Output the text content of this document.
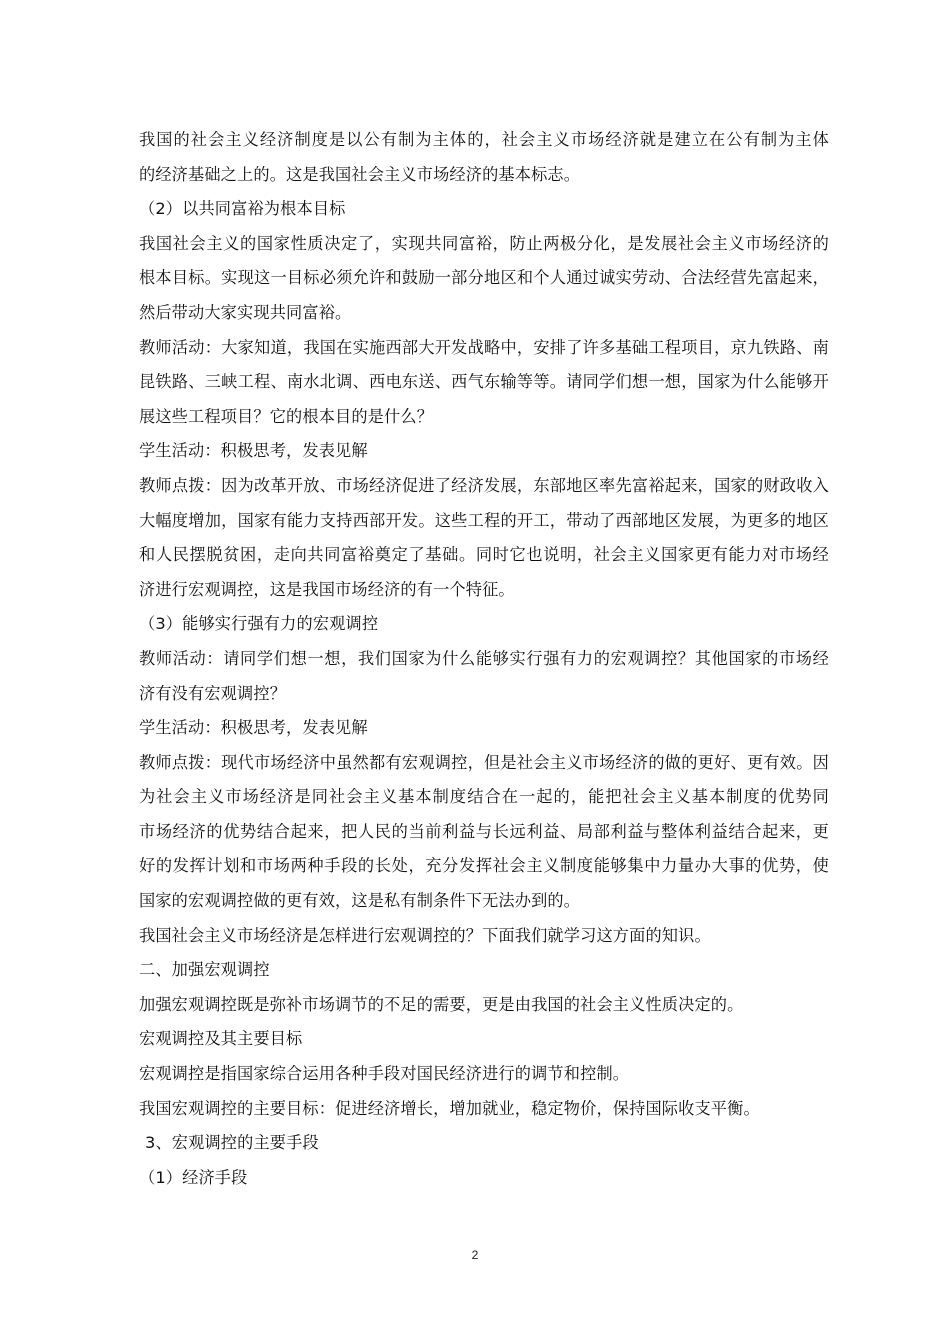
我国的社会主义经济制度是以公有制为主体的，社会主义市场经济就是建立在公有制为主体
的经济基础之上的。这是我国社会主义市场经济的基本标志。
（2）以共同富裕为根本目标
我国社会主义的国家性质决定了，实现共同富裕，防止两极分化，是发展社会主义市场经济的
根本目标。实现这一目标必须允许和鼓励一部分地区和个人通过诚实劳动、合法经营先富起来，
然后带动大家实现共同富裕。
教师活动：大家知道，我国在实施西部大开发战略中，安排了许多基础工程项目，京九铁路、南
昆铁路、三峡工程、南水北调、西电东送、西气东输等等。请同学们想一想，国家为什么能够开
展这些工程项目？它的根本目的是什么？
学生活动：积极思考，发表见解
教师点拨：因为改革开放、市场经济促进了经济发展，东部地区率先富裕起来，国家的财政收入
大幅度增加，国家有能力支持西部开发。这些工程的开工，带动了西部地区发展，为更多的地区
和人民摆脱贫困，走向共同富裕奠定了基础。同时它也说明，社会主义国家更有能力对市场经
济进行宏观调控，这是我国市场经济的有一个特征。
（3）能够实行强有力的宏观调控
教师活动：请同学们想一想，我们国家为什么能够实行强有力的宏观调控？其他国家的市场经
济有没有宏观调控？
学生活动：积极思考，发表见解
教师点拨：现代市场经济中虽然都有宏观调控，但是社会主义市场经济的做的更好、更有效。因
为社会主义市场经济是同社会主义基本制度结合在一起的，能把社会主义基本制度的优势同
市场经济的优势结合起来，把人民的当前利益与长远利益、局部利益与整体利益结合起来，更
好的发挥计划和市场两种手段的长处，充分发挥社会主义制度能够集中力量办大事的优势，使
国家的宏观调控做的更有效，这是私有制条件下无法办到的。
我国社会主义市场经济是怎样进行宏观调控的？下面我们就学习这方面的知识。
二、加强宏观调控
加强宏观调控既是弥补市场调节的不足的需要，更是由我国的社会主义性质决定的。
宏观调控及其主要目标
宏观调控是指国家综合运用各种手段对国民经济进行的调节和控制。
我国宏观调控的主要目标：促进经济增长，增加就业，稳定物价，保持国际收支平衡。
3、宏观调控的主要手段
（1）经济手段
2
